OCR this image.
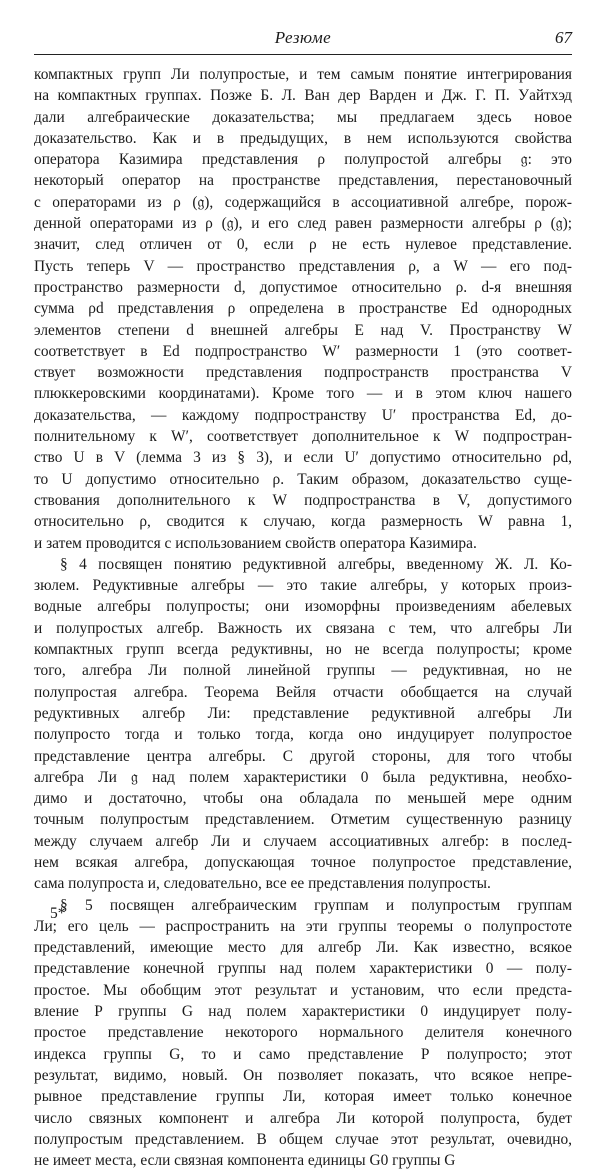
Резюме	67
компактных групп Ли полупростые, и тем самым понятие интегрирования
на компактных группах. Позже Б. Л. Ван дер Варден и Дж. Г. П. Уайтхэд
дали алгебраические доказательства; мы предлагаем здесь новое
доказательство. Как и в предыдущих, в нем используются свойства
оператора Казимира представления ρ полупростой алгебры 𝔤: это
некоторый оператор на пространстве представления, перестановочный
с операторами из ρ (𝔤), содержащийся в ассоциативной алгебре, порож-
денной операторами из ρ (𝔤), и его след равен размерности алгебры ρ (𝔤);
значит, след отличен от 0, если ρ не есть нулевое представление.
Пусть теперь V — пространство представления ρ, а W — его под-
пространство размерности d, допустимое относительно ρ. d-я внешняя
сумма ρd представления ρ определена в пространстве Ed однородных
элементов степени d внешней алгебры E над V. Пространству W
соответствует в Ed подпространство W′ размерности 1 (это соответ-
ствует возможности представления подпространств пространства V
плюккеровскими координатами). Кроме того — и в этом ключ нашего
доказательства, — каждому подпространству U′ пространства Ed, до-
полнительному к W′, соответствует дополнительное к W подпростран-
ство U в V (лемма 3 из § 3), и если U′ допустимо относительно ρd,
то U допустимо относительно ρ. Таким образом, доказательство суще-
ствования дополнительного к W подпространства в V, допустимого
относительно ρ, сводится к случаю, когда размерность W равна 1,
и затем проводится с использованием свойств оператора Казимира.
§ 4 посвящен понятию редуктивной алгебры, введенному Ж. Л. Ко-
зюлем. Редуктивные алгебры — это такие алгебры, у которых произ-
водные алгебры полупросты; они изоморфны произведениям абелевых
и полупростых алгебр. Важность их связана с тем, что алгебры Ли
компактных групп всегда редуктивны, но не всегда полупросты; кроме
того, алгебра Ли полной линейной группы — редуктивная, но не
полупростая алгебра. Теорема Вейля отчасти обобщается на случай
редуктивных алгебр Ли: представление редуктивной алгебры Ли
полупросто тогда и только тогда, когда оно индуцирует полупростое
представление центра алгебры. С другой стороны, для того чтобы
алгебра Ли 𝔤 над полем характеристики 0 была редуктивна, необхо-
димо и достаточно, чтобы она обладала по меньшей мере одним
точным полупростым представлением. Отметим существенную разницу
между случаем алгебр Ли и случаем ассоциативных алгебр: в послед-
нем всякая алгебра, допускающая точное полупростое представление,
сама полупроста и, следовательно, все ее представления полупросты.
§ 5 посвящен алгебраическим группам и полупростым группам
Ли; его цель — распространить на эти группы теоремы о полупростоте
представлений, имеющие место для алгебр Ли. Как известно, всякое
представление конечной группы над полем характеристики 0 — полу-
простое. Мы обобщим этот результат и установим, что если предста-
вление Р группы G над полем характеристики 0 индуцирует полу-
простое представление некоторого нормального делителя конечного
индекса группы G, то и само представление Р полупросто; этот
результат, видимо, новый. Он позволяет показать, что всякое непре-
рывное представление группы Ли, которая имеет только конечное
число связных компонент и алгебра Ли которой полупроста, будет
полупростым представлением. В общем случае этот результат, очевидно,
не имеет места, если связная компонента единицы G0 группы G
5*
